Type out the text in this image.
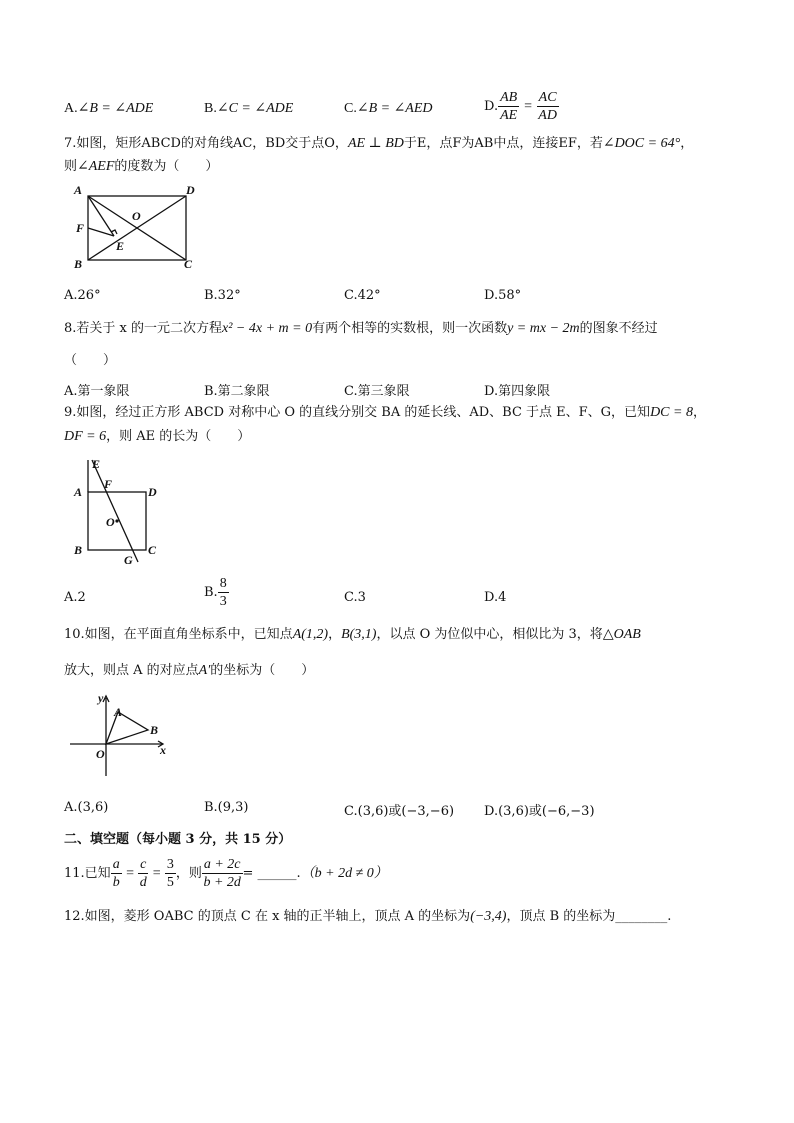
A.∠B = ∠ADE	B.∠C = ∠ADE	C.∠B = ∠AED	D. $\frac{AB}{AE} = \frac{AC}{AD}$
7.如图，矩形ABCD的对角线AC，BD交于点O，AE ⊥ BD于E，点F为AB中点，连接EF，若∠DOC = 64°，
则∠AEF的度数为（　　）
A	D
B	C
F
E
O
A.26°	B.32°	C.42°	D.58°
8.若关于 x 的一元二次方程x² − 4x + m = 0有两个相等的实数根，则一次函数y = mx − 2m的图象不经过
（　　）
A.第一象限	B.第二象限	C.第三象限	D.第四象限
9.如图，经过正方形 ABCD 对称中心 O 的直线分别交 BA 的延长线、AD、BC 于点 E、F、G，已知DC = 8，
DF = 6，则 AE 的长为（　　）
E
A
F
D
O
B	C
G
A.2	B. $\frac{8}{3}$	C.3	D.4
10.如图，在平面直角坐标系中，已知点A(1,2)，B(3,1)，以点 O 为位似中心，相似比为 3，将△OAB
放大，则点 A 的对应点A′的坐标为（　　）
y
x
O
A
B
A.(3,6)	B.(9,3)	C.(3,6)或(−3,−6) D.(3,6)或(−6,−3)
二、填空题（每小题 3 分，共 15 分）
11.已知 $\frac{a}{b} = \frac{c}{d} = \frac{3}{5}$ ，则 $\frac{a + 2c}{b + 2d}$ = ______.（b + 2d ≠ 0）
12.如图，菱形 OABC 的顶点 C 在 x 轴的正半轴上，顶点 A 的坐标为(−3,4)，顶点 B 的坐标为________.
